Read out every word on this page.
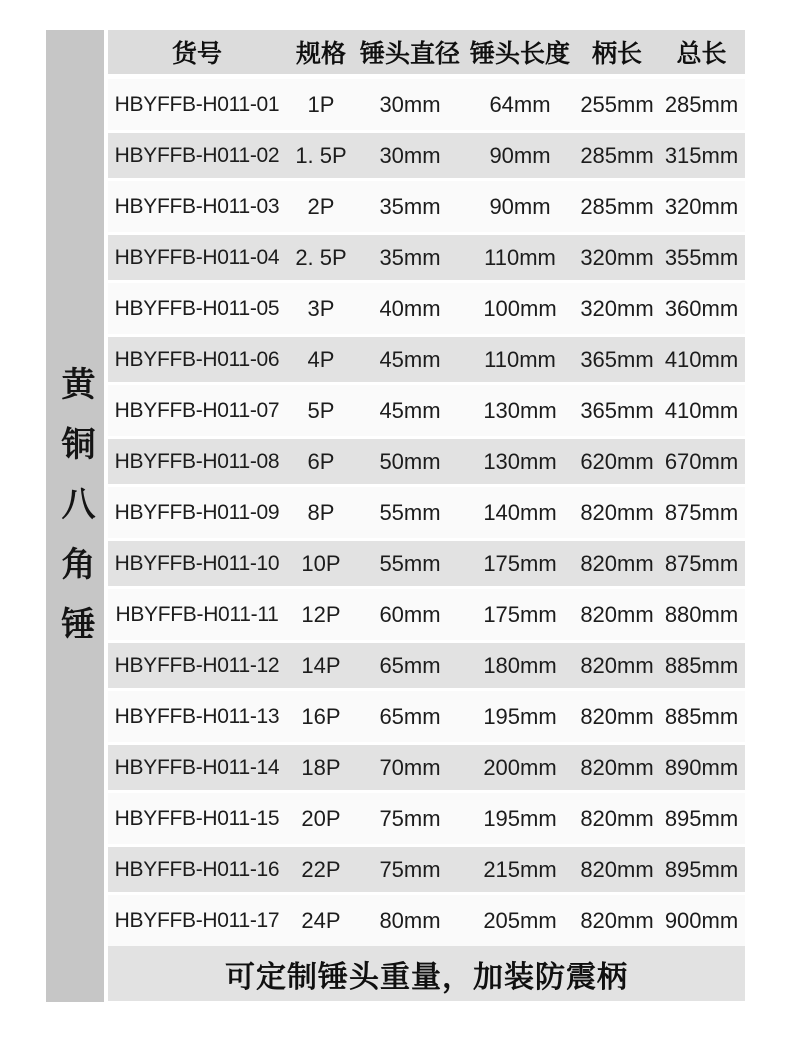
黄铜八角锤
货号	规格 锤头直径 锤头长度 柄长	总长
HBYFFB-H011-01	1P	30mm	64mm	255mm 285mm
HBYFFB-H011-02 1. 5P	30mm	90mm	285mm 315mm
HBYFFB-H011-03	2P	35mm	90mm	285mm 320mm
HBYFFB-H011-04 2. 5P	35mm	110mm	320mm 355mm
HBYFFB-H011-05	3P	40mm	100mm	320mm 360mm
HBYFFB-H011-06	4P	45mm	110mm	365mm 410mm
HBYFFB-H011-07	5P	45mm	130mm	365mm 410mm
HBYFFB-H011-08	6P	50mm	130mm	620mm 670mm
HBYFFB-H011-09	8P	55mm	140mm	820mm 875mm
HBYFFB-H011-10	10P	55mm	175mm	820mm 875mm
HBYFFB-H011-11	12P	60mm	175mm	820mm 880mm
HBYFFB-H011-12	14P	65mm	180mm	820mm 885mm
HBYFFB-H011-13	16P	65mm	195mm	820mm 885mm
HBYFFB-H011-14	18P	70mm	200mm	820mm 890mm
HBYFFB-H011-15	20P	75mm	195mm	820mm 895mm
HBYFFB-H011-16	22P	75mm	215mm	820mm 895mm
HBYFFB-H011-17	24P	80mm	205mm	820mm 900mm
可定制锤头重量，加装防震柄
